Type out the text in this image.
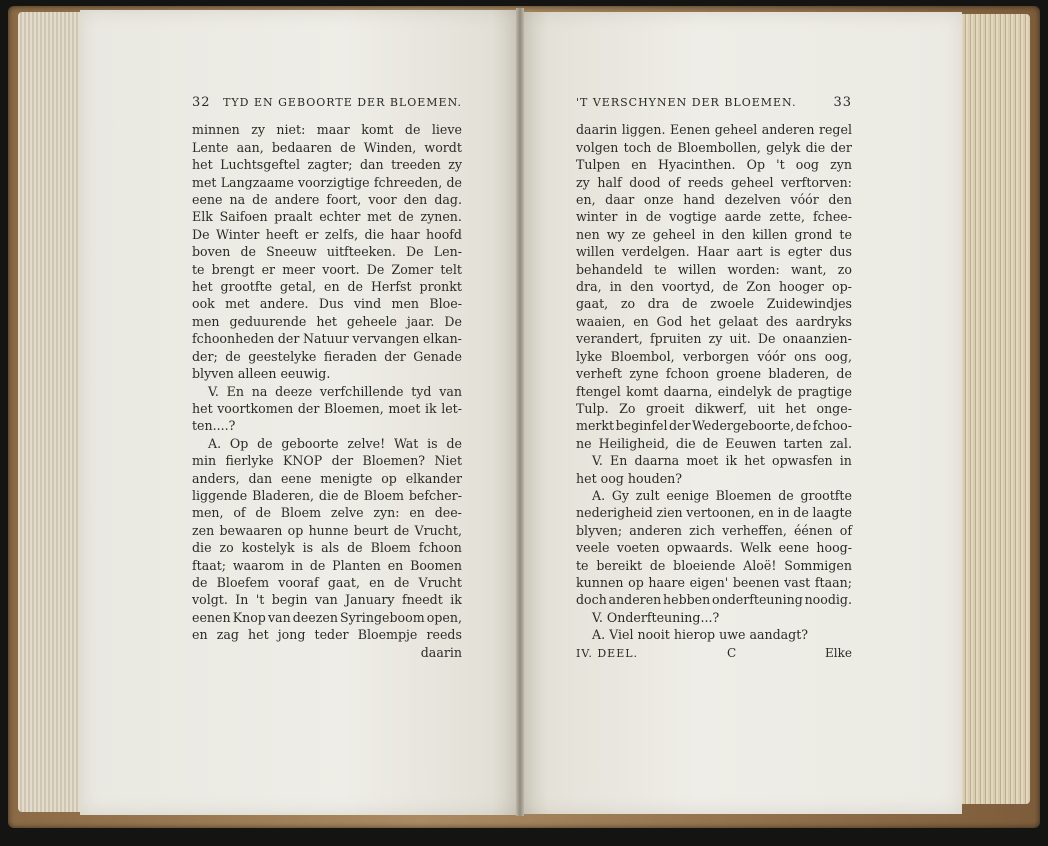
32 TYD EN GEBOORTE DER BLOEMEN.
minnen zy niet: maar komt de lieve
Lente aan, bedaaren de Winden, wordt
het Luchtsgeftel zagter; dan treeden zy
met Langzaame voorzigtige fchreeden, de
eene na de andere foort, voor den dag.
Elk Saifoen praalt echter met de zynen.
De Winter heeft er zelfs, die haar hoofd
boven de Sneeuw uitfteeken. De Len-
te brengt er meer voort. De Zomer telt
het grootfte getal, en de Herfst pronkt
ook met andere. Dus vind men Bloe-
men geduurende het geheele jaar. De
fchoonheden der Natuur vervangen elkan-
der; de geestelyke fieraden der Genade
blyven alleen eeuwig.
V. En na deeze verfchillende tyd van
het voortkomen der Bloemen, moet ik let-
ten....?
A. Op de geboorte zelve! Wat is de
min fierlyke KNOP der Bloemen? Niet
anders, dan eene menigte op elkander
liggende Bladeren, die de Bloem befcher-
men, of de Bloem zelve zyn: en dee-
zen bewaaren op hunne beurt de Vrucht,
die zo kostelyk is als de Bloem fchoon
ftaat; waarom in de Planten en Boomen
de Bloefem vooraf gaat, en de Vrucht
volgt. In 't begin van January fneedt ik
eenen Knop van deezen Syringeboom open,
en zag het jong teder Bloempje reeds
daarin
'T VERSCHYNEN DER BLOEMEN.	33
daarin liggen. Eenen geheel anderen regel
volgen toch de Bloembollen, gelyk die der
Tulpen en Hyacinthen. Op 't oog zyn
zy half dood of reeds geheel verftorven:
en, daar onze hand dezelven vóór den
winter in de vogtige aarde zette, fchee-
nen wy ze geheel in den killen grond te
willen verdelgen. Haar aart is egter dus
behandeld te willen worden: want, zo
dra, in den voortyd, de Zon hooger op-
gaat, zo dra de zwoele Zuidewindjes
waaien, en God het gelaat des aardryks
verandert, fpruiten zy uit. De onaanzien-
lyke Bloembol, verborgen vóór ons oog,
verheft zyne fchoon groene bladeren, de
ftengel komt daarna, eindelyk de pragtige
Tulp. Zo groeit dikwerf, uit het onge-
merkt beginfel der Wedergeboorte, de fchoo-
ne Heiligheid, die de Eeuwen tarten zal.
V. En daarna moet ik het opwasfen in
het oog houden?
A. Gy zult eenige Bloemen de grootfte
nederigheid zien vertoonen, en in de laagte
blyven; anderen zich verheffen, éénen of
veele voeten opwaards. Welk eene hoog-
te bereikt de bloeiende Aloë! Sommigen
kunnen op haare eigen' beenen vast ftaan;
doch anderen hebben onderfteuning noodig.
V. Onderfteuning...?
A. Viel nooit hierop uwe aandagt?
IV. DEEL.	C	Elke
